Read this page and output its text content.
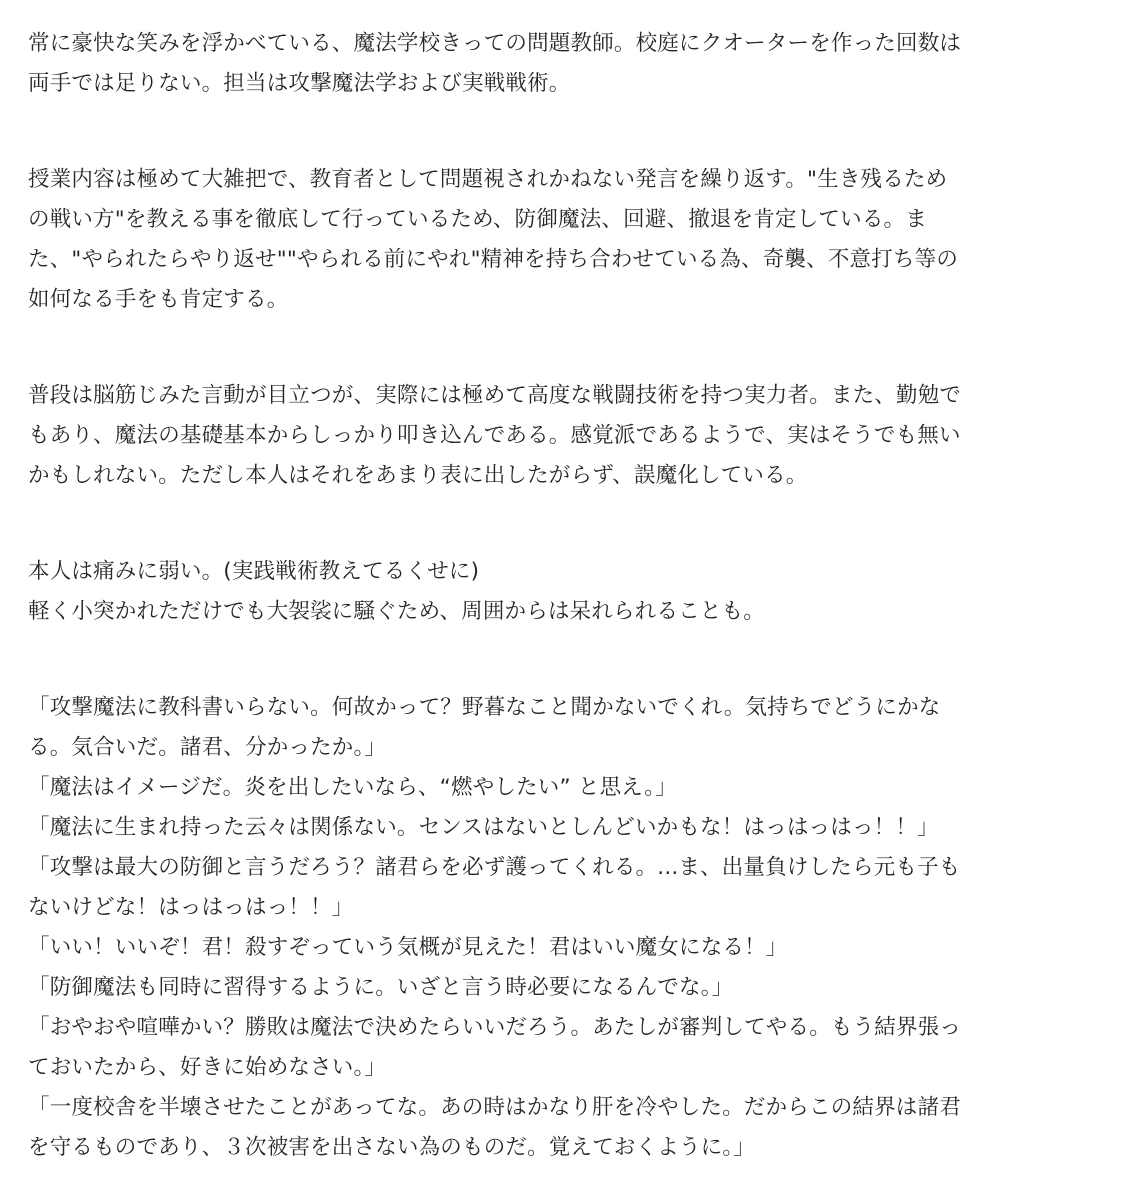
常に豪快な笑みを浮かべている、魔法学校きっての問題教師。校庭にクオーターを作った回数は
両手では足りない。担当は攻撃魔法学および実戦戦術。
授業内容は極めて大雑把で、教育者として問題視されかねない発言を繰り返す。"生き残るため
の戦い方"を教える事を徹底して行っているため、防御魔法、回避、撤退を肯定している。ま
た、"やられたらやり返せ""やられる前にやれ"精神を持ち合わせている為、奇襲、不意打ち等の
如何なる手をも肯定する。
普段は脳筋じみた言動が目立つが、実際には極めて高度な戦闘技術を持つ実力者。また、勤勉で
もあり、魔法の基礎基本からしっかり叩き込んである。感覚派であるようで、実はそうでも無い
かもしれない。ただし本人はそれをあまり表に出したがらず、誤魔化している。
本人は痛みに弱い。(実践戦術教えてるくせに)
軽く小突かれただけでも大袈裟に騒ぐため、周囲からは呆れられることも。
「攻撃魔法に教科書いらない。何故かって？野暮なこと聞かないでくれ。気持ちでどうにかな
る。気合いだ。諸君、分かったか。」
「魔法はイメージだ。炎を出したいなら、“燃やしたい” と思え。」
「魔法に生まれ持った云々は関係ない。センスはないとしんどいかもな！はっはっはっ！！」
「攻撃は最大の防御と言うだろう？諸君らを必ず護ってくれる。...ま、出量負けしたら元も子も
ないけどな！はっはっはっ！！」
「いい！いいぞ！君！殺すぞっていう気概が見えた！君はいい魔女になる！」
「防御魔法も同時に習得するように。いざと言う時必要になるんでな。」
「おやおや喧嘩かい？勝敗は魔法で決めたらいいだろう。あたしが審判してやる。もう結界張っ
ておいたから、好きに始めなさい。」
「一度校舎を半壊させたことがあってな。あの時はかなり肝を冷やした。だからこの結界は諸君
を守るものであり、３次被害を出さない為のものだ。覚えておくように。」
